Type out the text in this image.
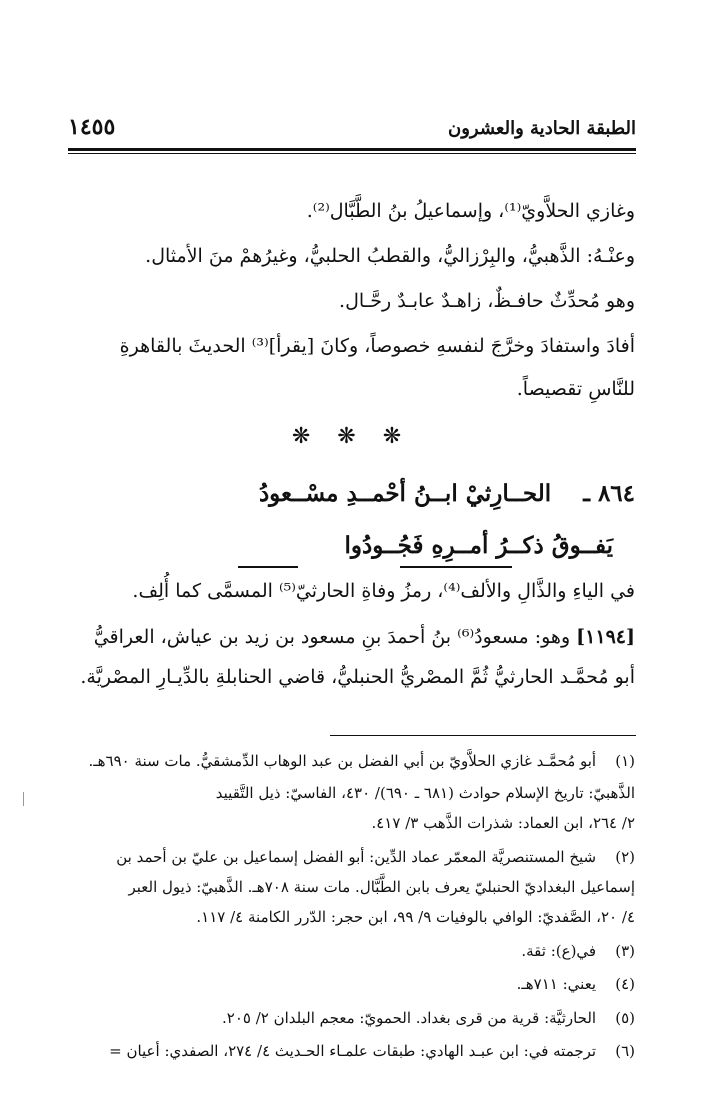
الطبقة الحادية والعشرون
١٤٥٥
وغازي الحلاَّويّ⁽¹⁾، وإسماعيلُ بنُ الطَّبَّال⁽²⁾.
وعنْـهُ: الذَّهبيُّ، والبِرْزاليُّ، والقطبُ الحلبيُّ، وغيرُهمْ منَ الأمثال.
وهو مُحدِّثٌ حافـظٌ، زاهـدٌ عابـدٌ رحَّـال.
أفادَ واستفادَ وخرَّجَ لنفسهِ خصوصاً، وكانَ [يقرأ]⁽³⁾ الحديثَ بالقاهرةِ
للنَّاسِ تقصيصاً.
❋ ❋ ❋
٨٦٤ ـ    الحــارِثيْ ابــنُ أحْمــدِ مسْــعودُ
يَفــوقُ ذكــرُ أمــرِهِ فَجُــودُوا
في الياءِ والذَّالِ والألف⁽⁴⁾، رمزُ وفاةِ الحارثيّ⁽⁵⁾ المسمَّى كما أُلِف.
[١١٩٤] وهو: مسعودُ⁽⁶⁾ بنُ أحمدَ بنِ مسعود بن زيد بن عياش، العراقيُّ
أبو مُحمَّـد الحارثيُّ ثُمَّ المصْريُّ الحنبليُّ، قاضي الحنابلةِ بالدِّيـارِ المصْريَّة.
(١)    أبو مُحمَّـد غازي الحلاَّويّ بن أبي الفضل بن عبد الوهاب الدِّمشقيُّ. مات سنة ٦٩٠هـ.
الذَّهبيّ: تاريخ الإسلام حوادث (٦٨١ ـ ٦٩٠)/ ٤٣٠، الفاسيّ: ذيل التَّقييد
٢/ ٢٦٤، ابن العماد: شذرات الذَّهب ٣/ ٤١٧.
(٢)    شيخ المستنصريَّة المعمّر عماد الدِّين: أبو الفضل إسماعيل بن عليّ بن أحمد بن
إسماعيل البغداديّ الحنبليّ يعرف بابن الطَّبَّال. مات سنة ٧٠٨هـ. الذَّهبيّ: ذيول العبر
٤/ ٢٠، الصَّفديّ: الوافي بالوفيات ٩/ ٩٩، ابن حجر: الدّرر الكامنة ٤/ ١١٧.
(٣)    في(ع): ثقة.
(٤)    يعني: ٧١١هـ.
(٥)    الحارثيَّة: قرية من قرى بغداد. الحمويّ: معجم البلدان ٢/ ٢٠٥.
(٦)    ترجمته في: ابن عبـد الهادي: طبقات علمـاء الحـديث ٤/ ٢٧٤، الصفدي: أعيان =
